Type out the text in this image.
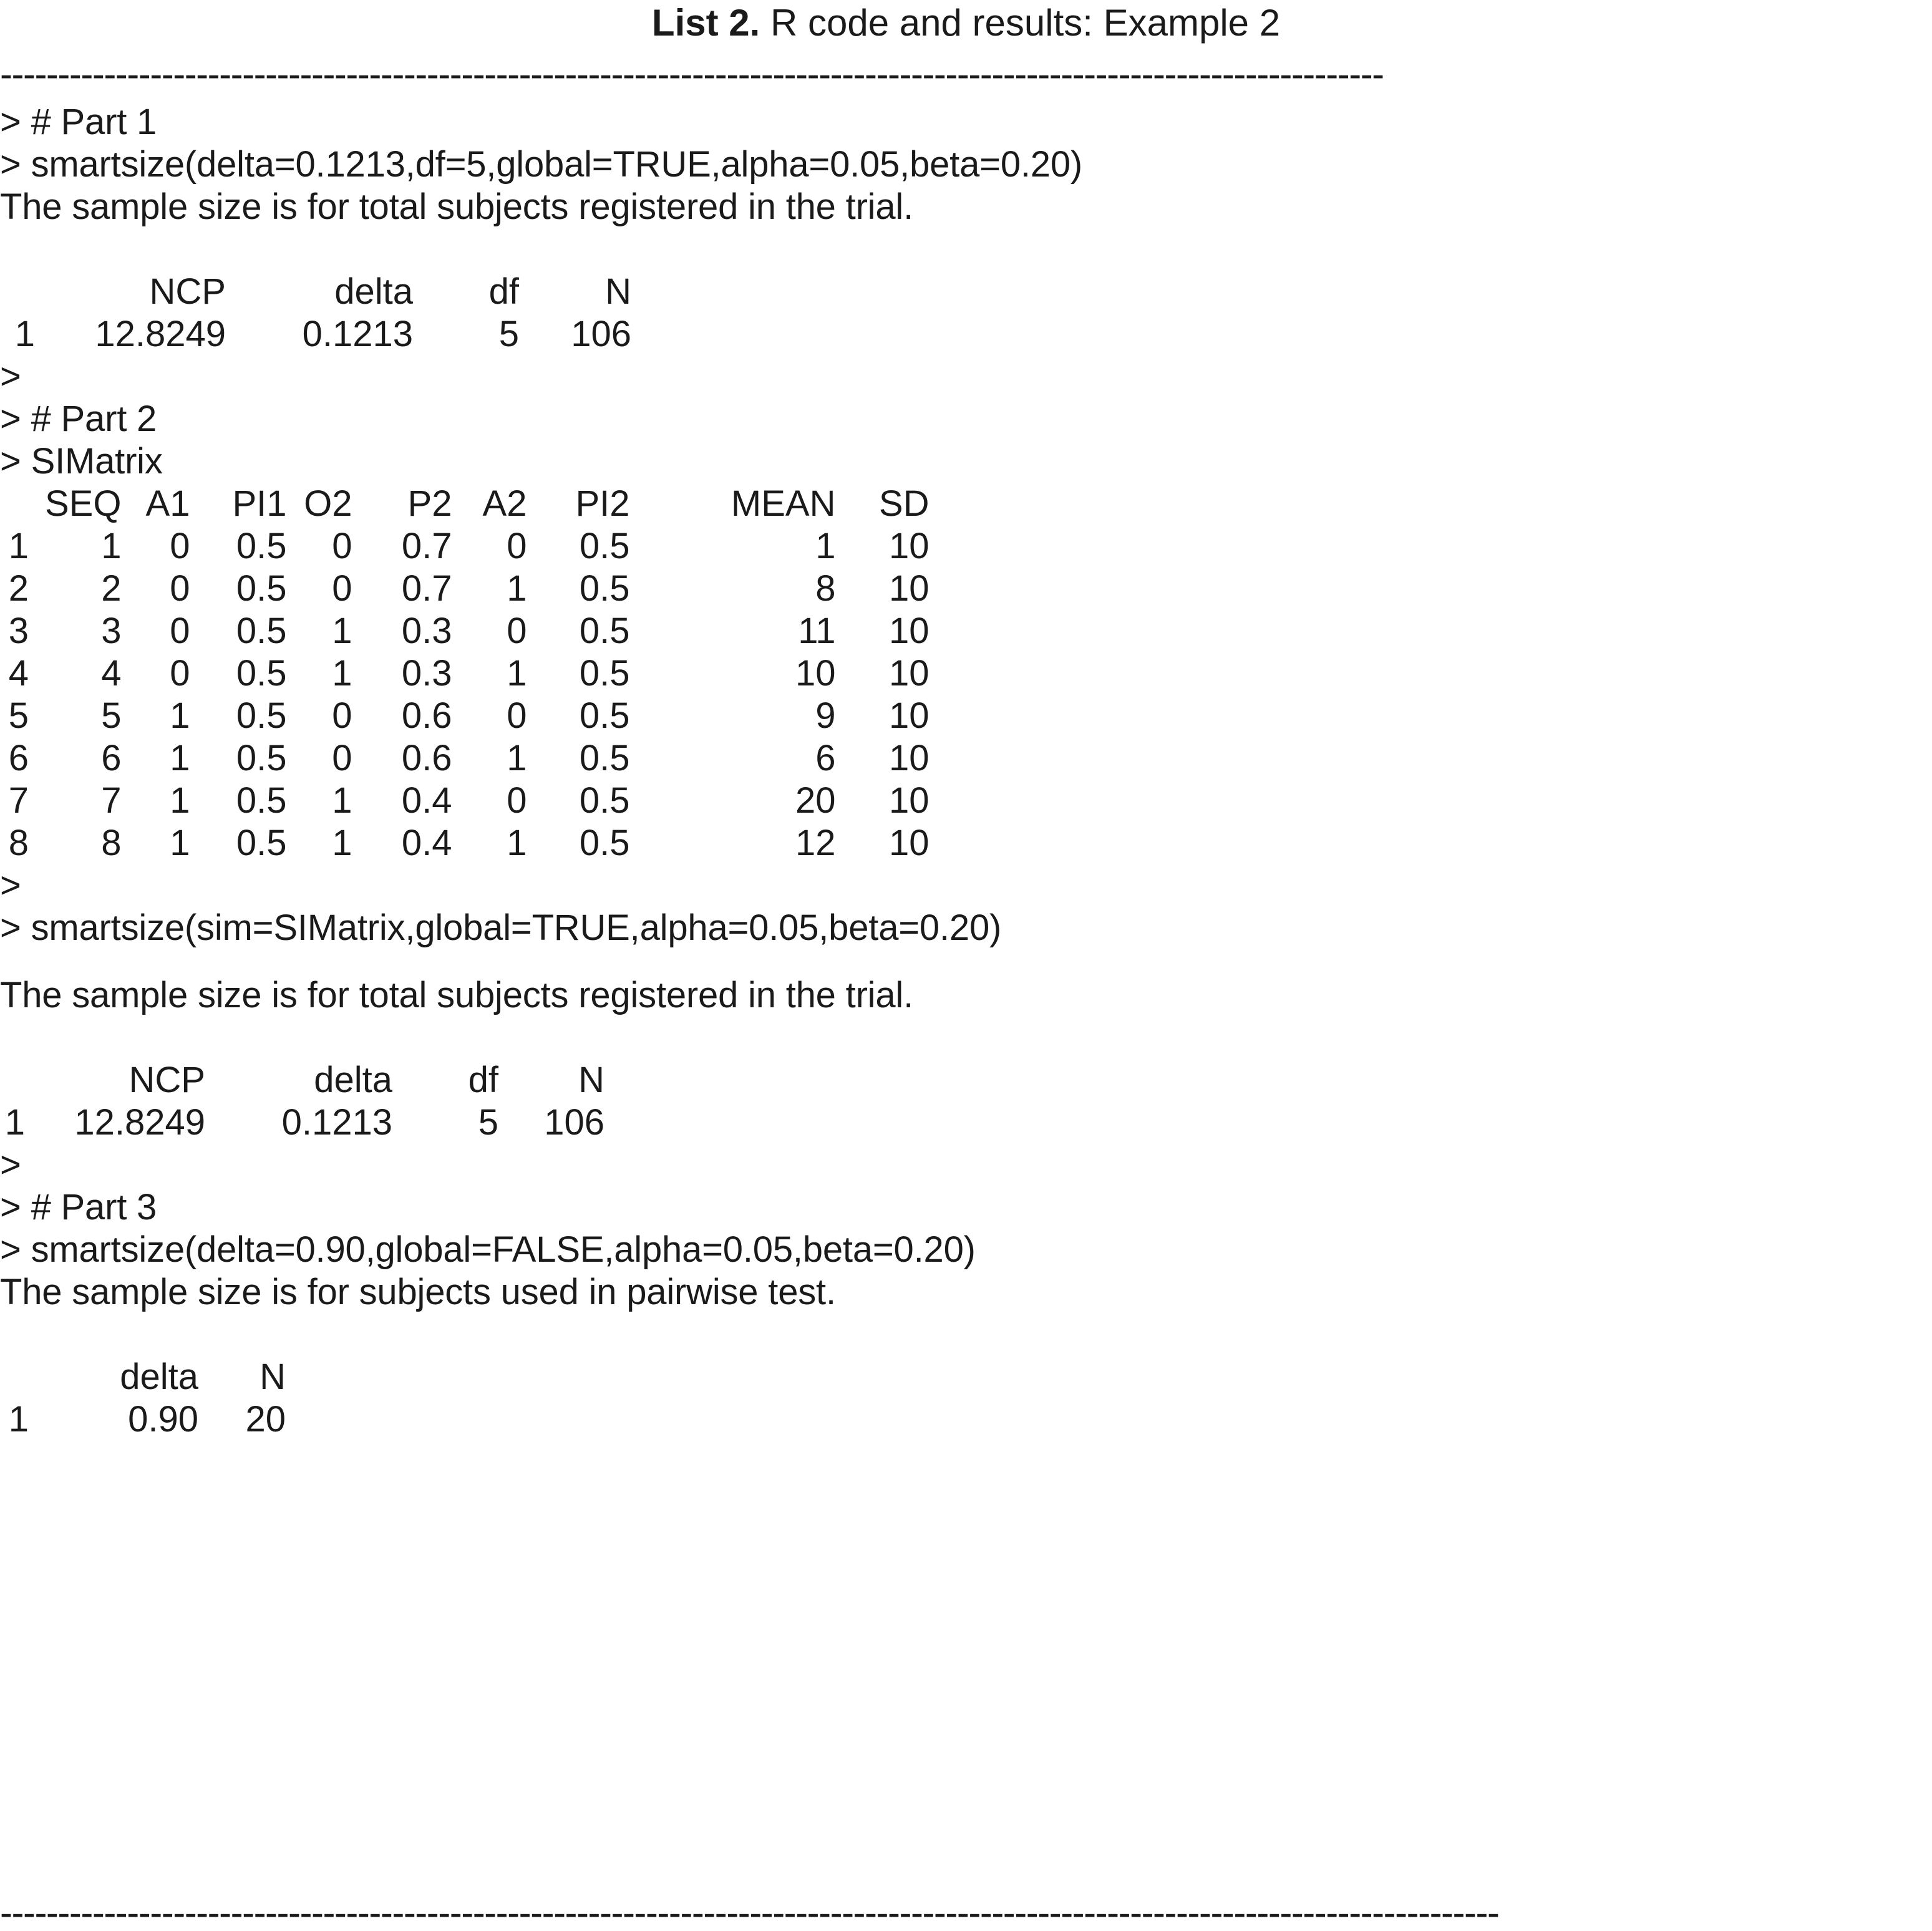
List 2. R code and results: Example 2
------------------------------------------------------------------------------------------------------------------------
> # Part 1
> smartsize(delta=0.1213,df=5,global=TRUE,alpha=0.05,beta=0.20)
The sample size is for total subjects registered in the trial.
	NCP	delta	df	N
1	12.8249	0.1213	5	106
>
> # Part 2
> SIMatrix
	SEQ	A1	PI1	O2	P2	A2	PI2	MEAN	SD
1	1	0	0.5	0	0.7	0	0.5	1	10
2	2	0	0.5	0	0.7	1	0.5	8	10
3	3	0	0.5	1	0.3	0	0.5	11	10
4	4	0	0.5	1	0.3	1	0.5	10	10
5	5	1	0.5	0	0.6	0	0.5	9	10
6	6	1	0.5	0	0.6	1	0.5	6	10
7	7	1	0.5	1	0.4	0	0.5	20	10
8	8	1	0.5	1	0.4	1	0.5	12	10
>
> smartsize(sim=SIMatrix,global=TRUE,alpha=0.05,beta=0.20)
The sample size is for total subjects registered in the trial.
	NCP	delta	df	N
1	12.8249	0.1213	5	106
>
> # Part 3
> smartsize(delta=0.90,global=FALSE,alpha=0.05,beta=0.20)
The sample size is for subjects used in pairwise test.
	delta	N
1	0.90	20
----------------------------------------------------------------------------------------------------------------------------------
